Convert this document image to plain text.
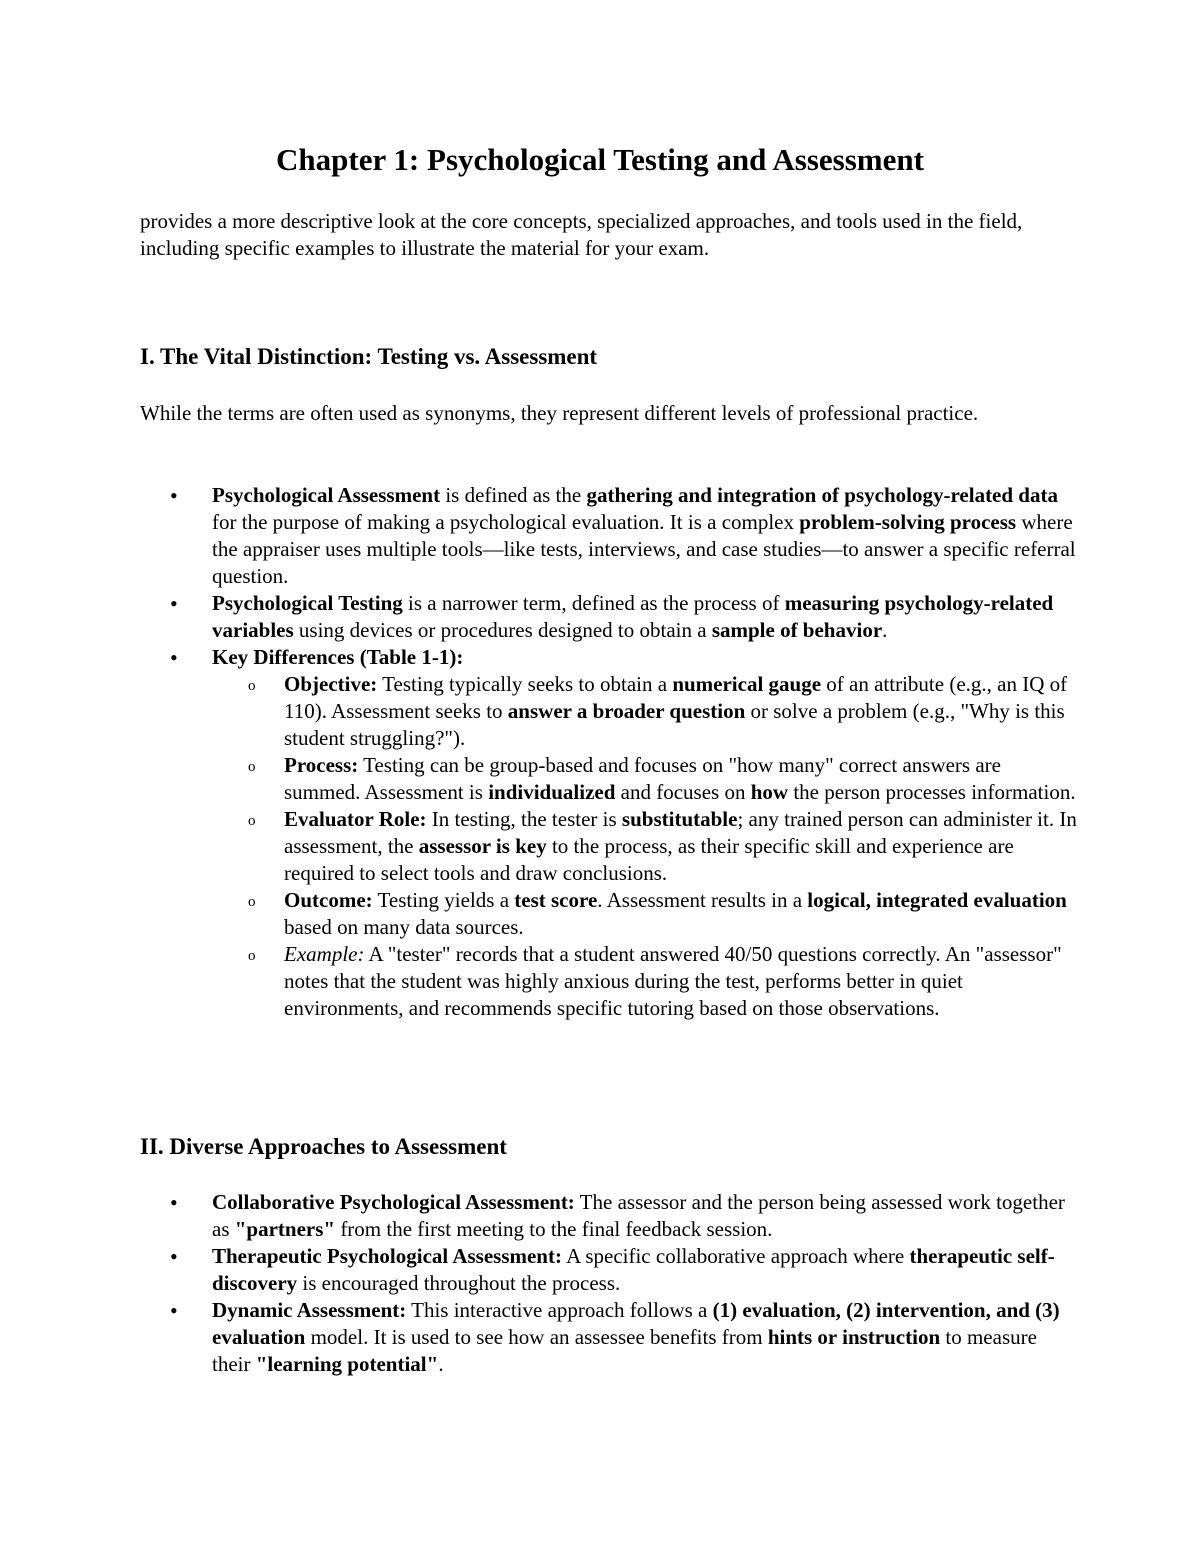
Chapter 1: Psychological Testing and Assessment

provides a more descriptive look at the core concepts, specialized approaches, and tools used in the field, including specific examples to illustrate the material for your exam.

I. The Vital Distinction: Testing vs. Assessment

While the terms are often used as synonyms, they represent different levels of professional practice.

• Psychological Assessment is defined as the gathering and integration of psychology-related data for the purpose of making a psychological evaluation. It is a complex problem-solving process where the appraiser uses multiple tools—like tests, interviews, and case studies—to answer a specific referral question.
• Psychological Testing is a narrower term, defined as the process of measuring psychology-related variables using devices or procedures designed to obtain a sample of behavior.
• Key Differences (Table 1-1):
o Objective: Testing typically seeks to obtain a numerical gauge of an attribute (e.g., an IQ of 110). Assessment seeks to answer a broader question or solve a problem (e.g., "Why is this student struggling?").
o Process: Testing can be group-based and focuses on "how many" correct answers are summed. Assessment is individualized and focuses on how the person processes information.
o Evaluator Role: In testing, the tester is substitutable; any trained person can administer it. In assessment, the assessor is key to the process, as their specific skill and experience are required to select tools and draw conclusions.
o Outcome: Testing yields a test score. Assessment results in a logical, integrated evaluation based on many data sources.
o Example: A "tester" records that a student answered 40/50 questions correctly. An "assessor" notes that the student was highly anxious during the test, performs better in quiet environments, and recommends specific tutoring based on those observations.
II. Diverse Approaches to Assessment
• Collaborative Psychological Assessment: The assessor and the person being assessed work together as "partners" from the first meeting to the final feedback session.
• Therapeutic Psychological Assessment: A specific collaborative approach where therapeutic self-discovery is encouraged throughout the process.
• Dynamic Assessment: This interactive approach follows a (1) evaluation, (2) intervention, and (3) evaluation model. It is used to see how an assessee benefits from hints or instruction to measure their "learning potential".
